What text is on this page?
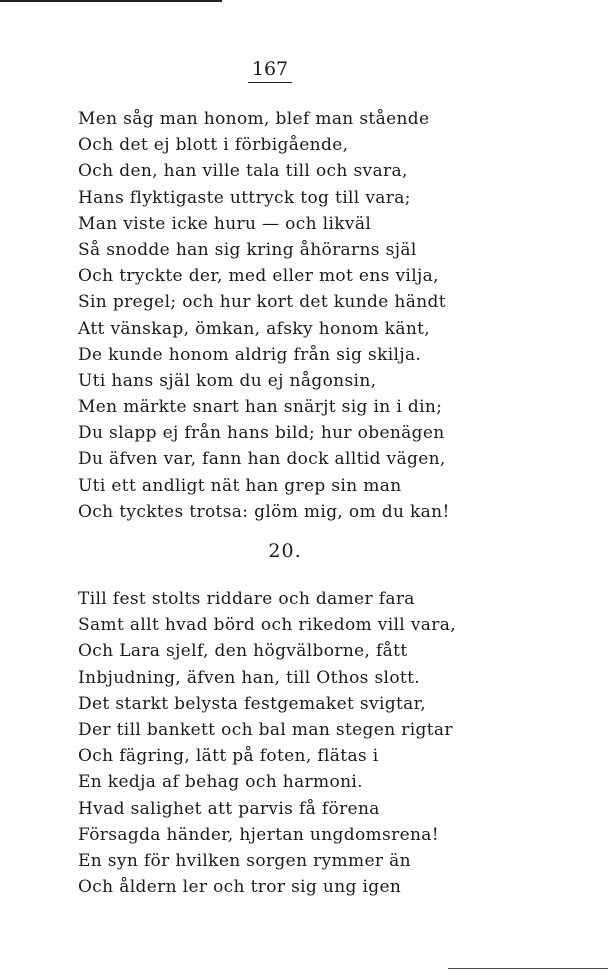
167
Men såg man honom, blef man stående
Och det ej blott i förbigående,
Och den, han ville tala till och svara,
Hans flyktigaste uttryck tog till vara;
Man viste icke huru — och likväl
Så snodde han sig kring åhörarns själ
Och tryckte der, med eller mot ens vilja,
Sin pregel; och hur kort det kunde händt
Att vänskap, ömkan, afsky honom känt,
De kunde honom aldrig från sig skilja.
Uti hans själ kom du ej någonsin,
Men märkte snart han snärjt sig in i din;
Du slapp ej från hans bild; hur obenägen
Du äfven var, fann han dock alltid vägen,
Uti ett andligt nät han grep sin man
Och tycktes trotsa: glöm mig, om du kan!
20.
Till fest stolts riddare och damer fara
Samt allt hvad börd och rikedom vill vara,
Och Lara sjelf, den högvälborne, fått
Inbjudning, äfven han, till Othos slott.
Det starkt belysta festgemaket svigtar,
Der till bankett och bal man stegen rigtar
Och fägring, lätt på foten, flätas i
En kedja af behag och harmoni.
Hvad salighet att parvis få förena
Försagda händer, hjertan ungdomsrena!
En syn för hvilken sorgen rymmer än
Och åldern ler och tror sig ung igen
